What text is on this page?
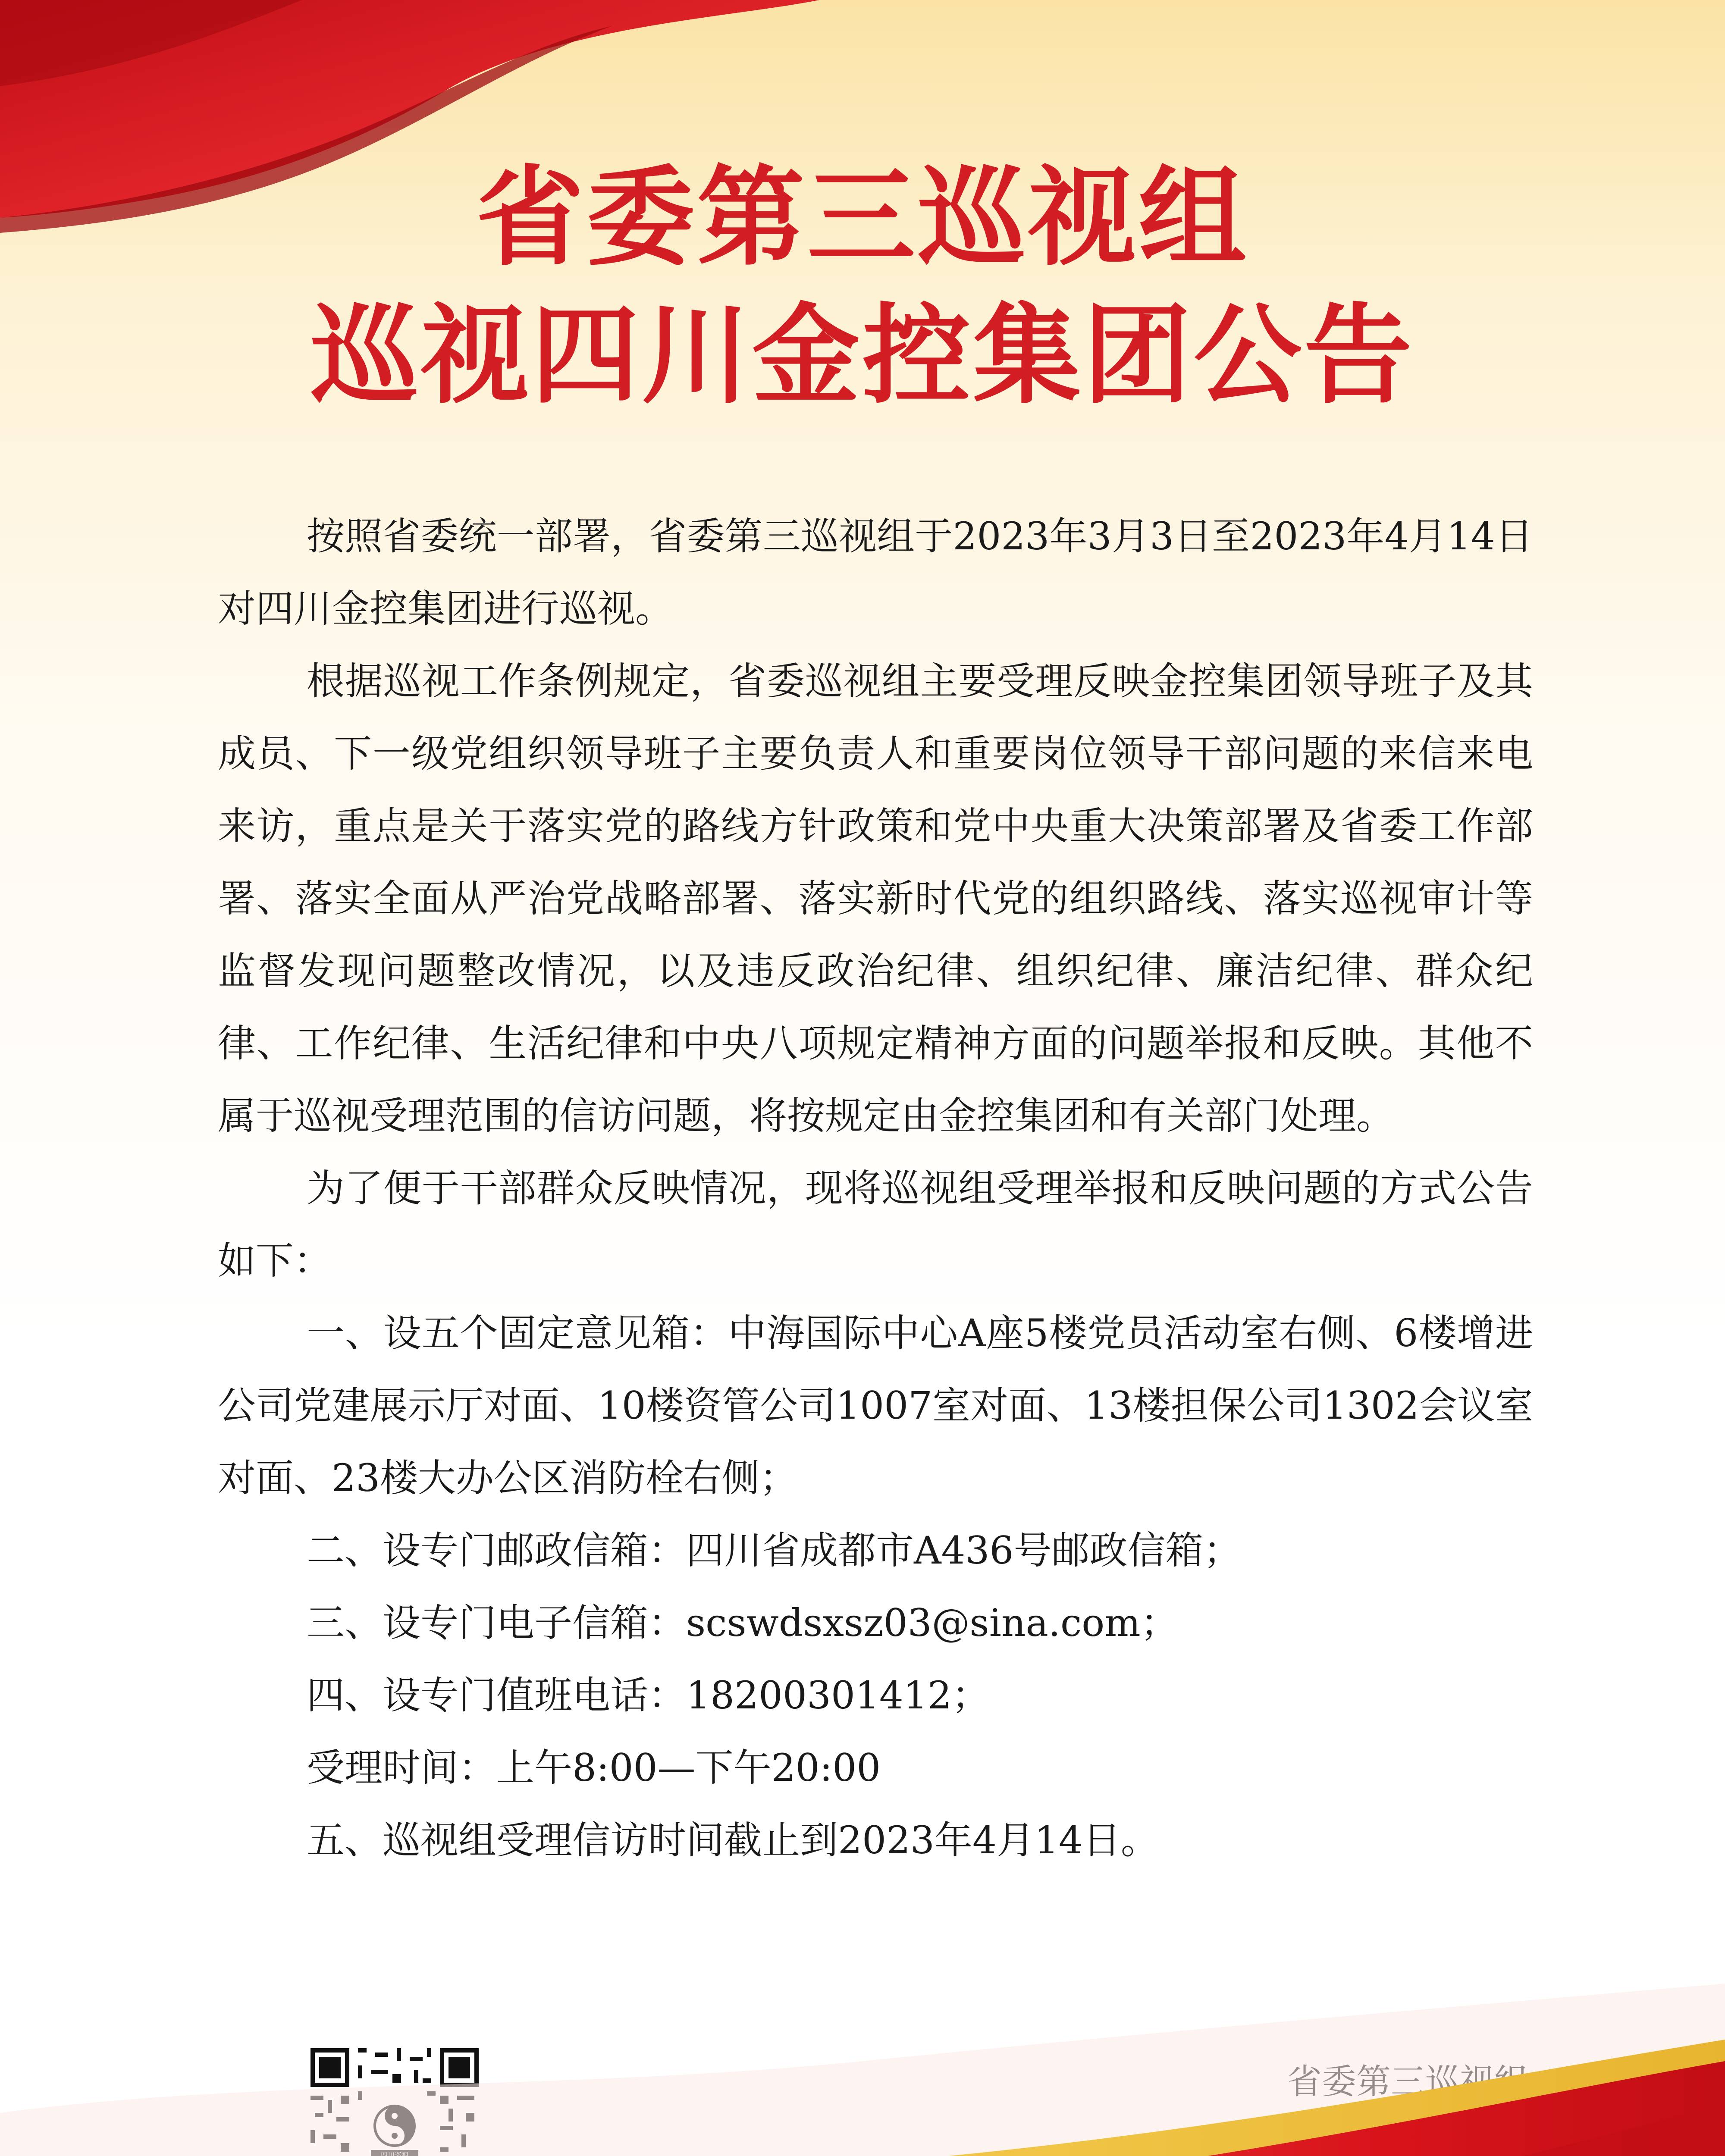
省委第三巡视组
巡视四川金控集团公告

按照省委统一部署，省委第三巡视组于2023年3月3日至2023年4月14日对四川金控集团进行巡视。

根据巡视工作条例规定，省委巡视组主要受理反映金控集团领导班子及其成员、下一级党组织领导班子主要负责人和重要岗位领导干部问题的来信来电来访，重点是关于落实党的路线方针政策和党中央重大决策部署及省委工作部署、落实全面从严治党战略部署、落实新时代党的组织路线、落实巡视审计等监督发现问题整改情况，以及违反政治纪律、组织纪律、廉洁纪律、群众纪律、工作纪律、生活纪律和中央八项规定精神方面的问题举报和反映。其他不属于巡视受理范围的信访问题，将按规定由金控集团和有关部门处理。

为了便于干部群众反映情况，现将巡视组受理举报和反映问题的方式公告如下：

一、设五个固定意见箱：中海国际中心A座5楼党员活动室右侧、6楼增进公司党建展示厅对面、10楼资管公司1007室对面、13楼担保公司1302会议室对面、23楼大办公区消防栓右侧；

二、设专门邮政信箱：四川省成都市A436号邮政信箱；

三、设专门电子信箱：scswdsxsz03@sina.com；

四、设专门值班电话：18200301412；

受理时间：上午8:00—下午20:00

五、巡视组受理信访时间截止到2023年4月14日。
